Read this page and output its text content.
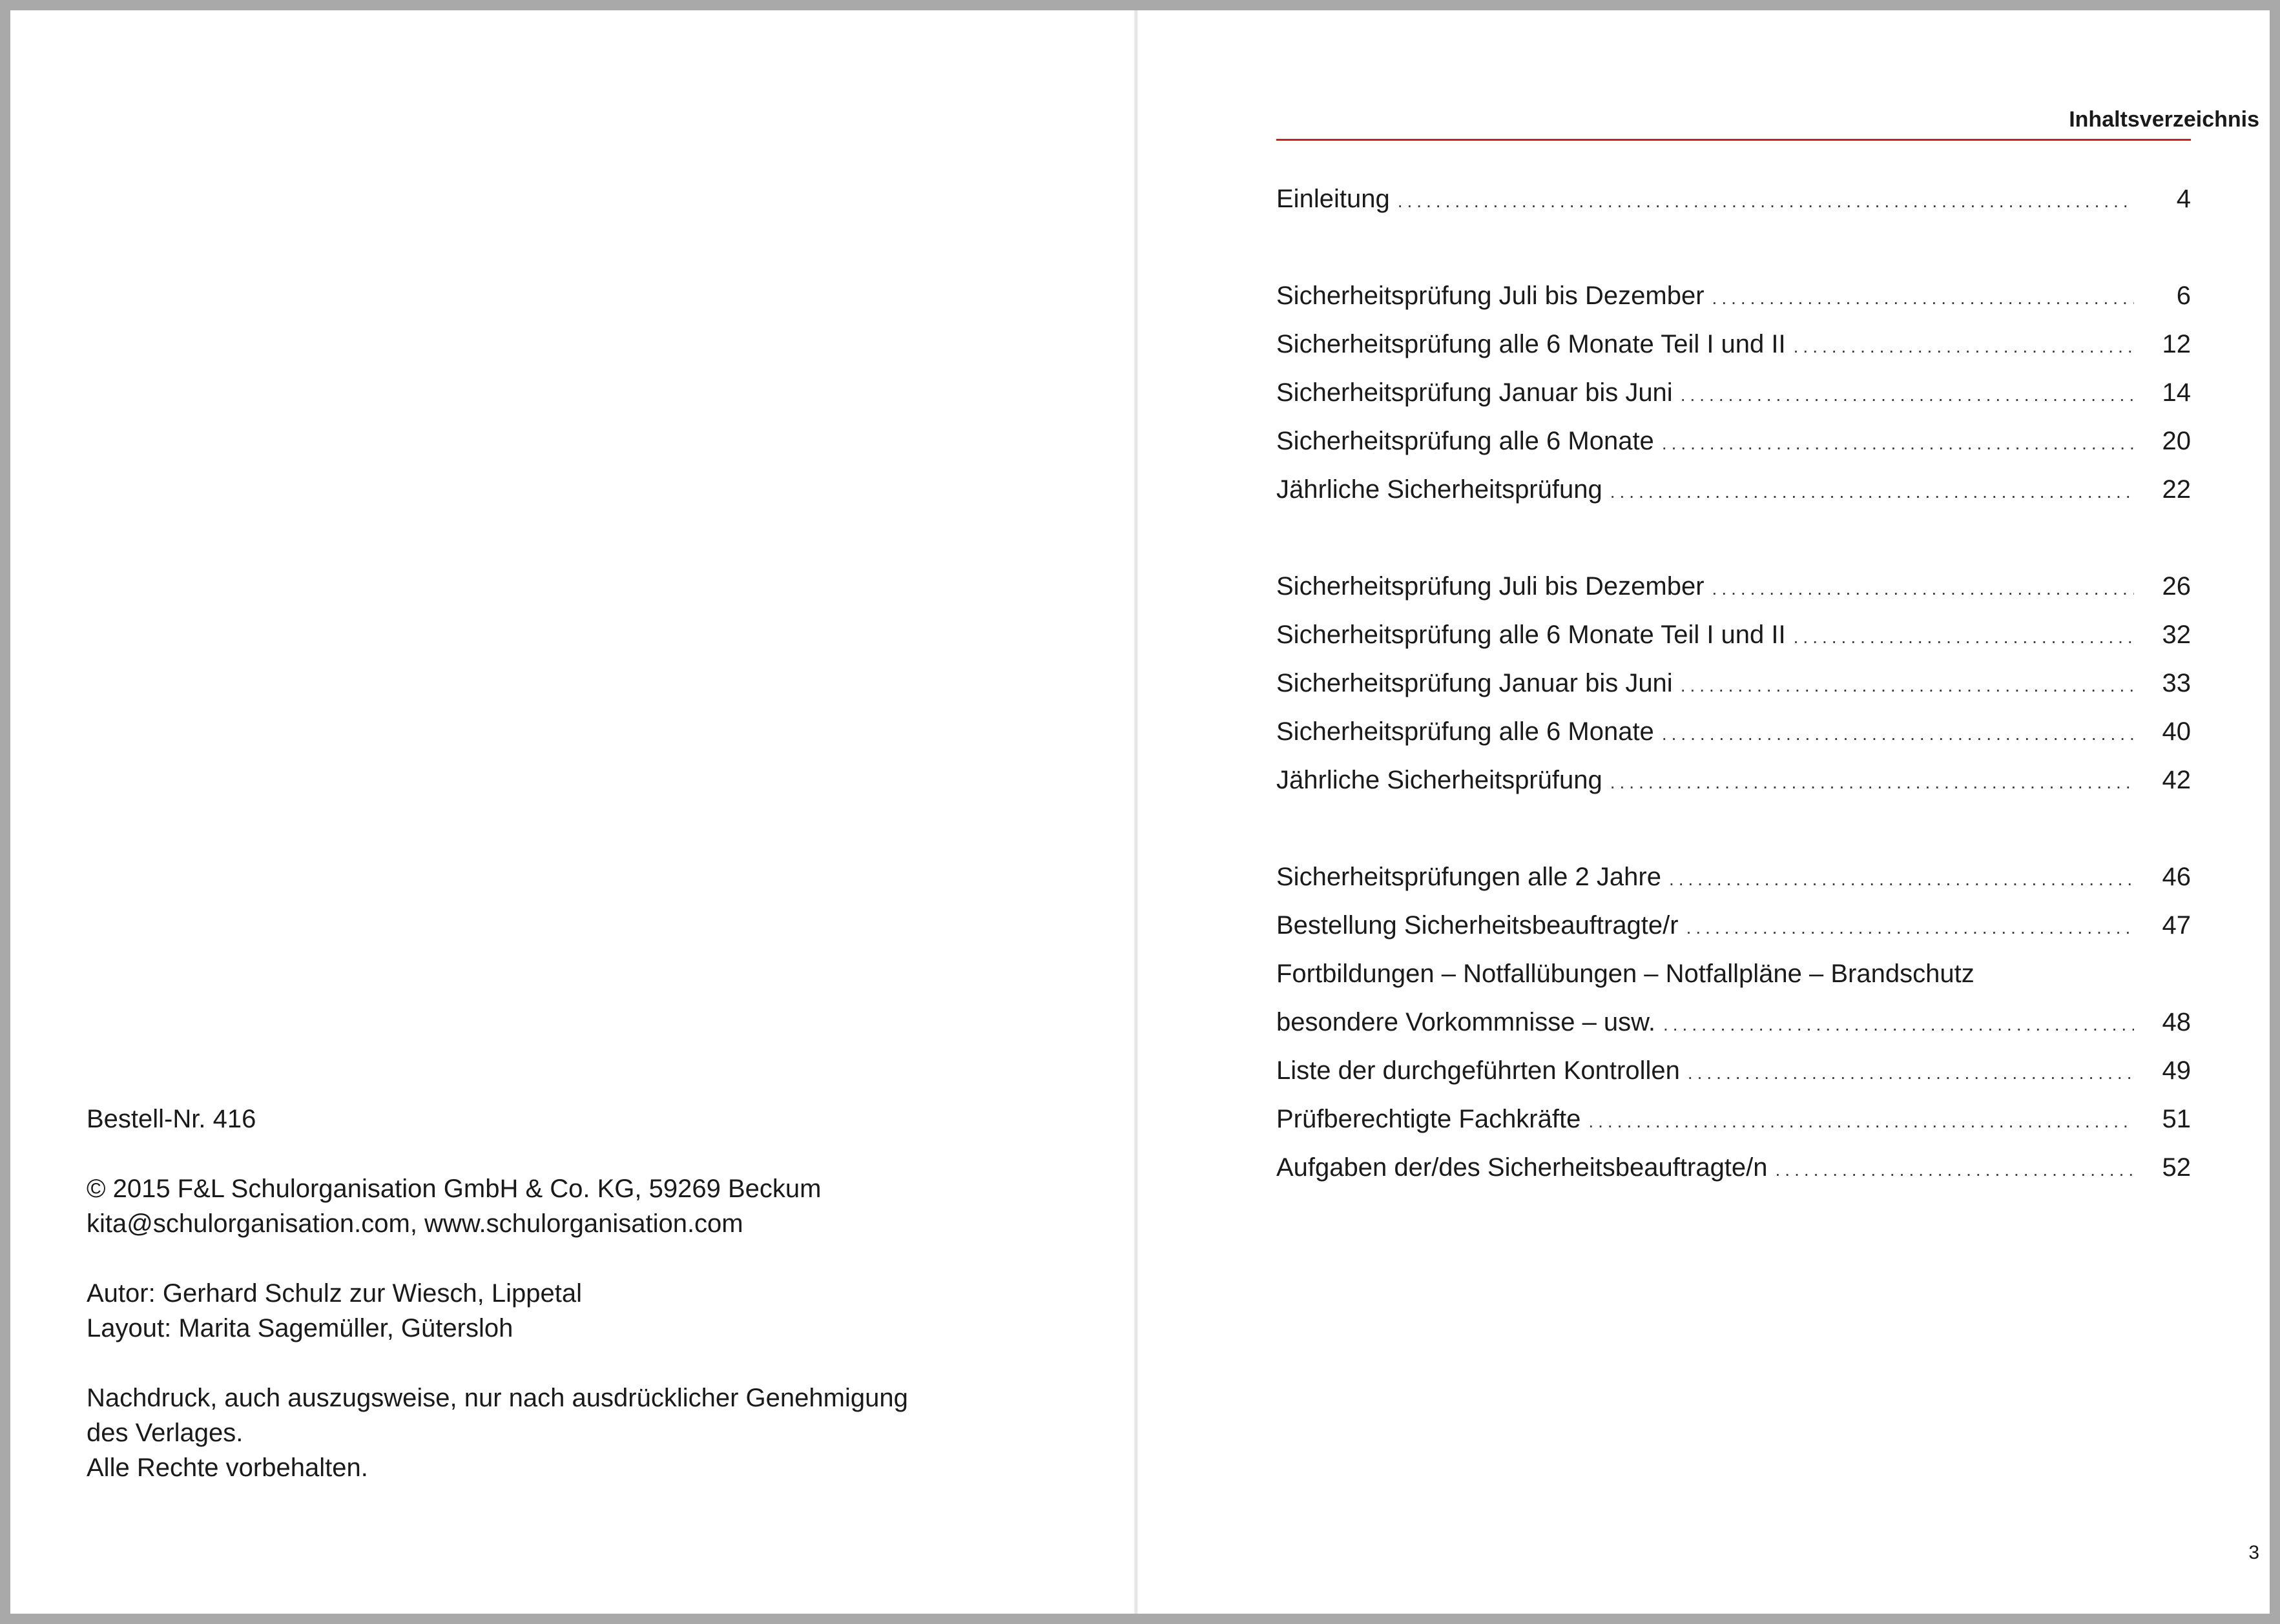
Bestell-Nr. 416
© 2015 F&L Schulorganisation GmbH & Co. KG, 59269 Beckum
kita@schulorganisation.com, www.schulorganisation.com
Autor: Gerhard Schulz zur Wiesch, Lippetal
Layout: Marita Sagemüller, Gütersloh
Nachdruck, auch auszugsweise, nur nach ausdrücklicher Genehmigung
des Verlages.
Alle Rechte vorbehalten.
Inhaltsverzeichnis
Einleitung .....	4
Sicherheitsprüfung Juli bis Dezember .....	6
Sicherheitsprüfung alle 6 Monate Teil I und II .....	12
Sicherheitsprüfung Januar bis Juni .....	14
Sicherheitsprüfung alle 6 Monate .....	20
Jährliche Sicherheitsprüfung .....	22
Sicherheitsprüfung Juli bis Dezember .....	26
Sicherheitsprüfung alle 6 Monate Teil I und II .....	32
Sicherheitsprüfung Januar bis Juni .....	33
Sicherheitsprüfung alle 6 Monate .....	40
Jährliche Sicherheitsprüfung .....	42
Sicherheitsprüfungen alle 2 Jahre .....	46
Bestellung Sicherheitsbeauftragte/r .....	47
Fortbildungen – Notfallübungen – Notfallpläne – Brandschutz
besondere Vorkommnisse – usw. .....	48
Liste der durchgeführten Kontrollen .....	49
Prüfberechtigte Fachkräfte .....	51
Aufgaben der/des Sicherheitsbeauftragte/n .....	52
3
